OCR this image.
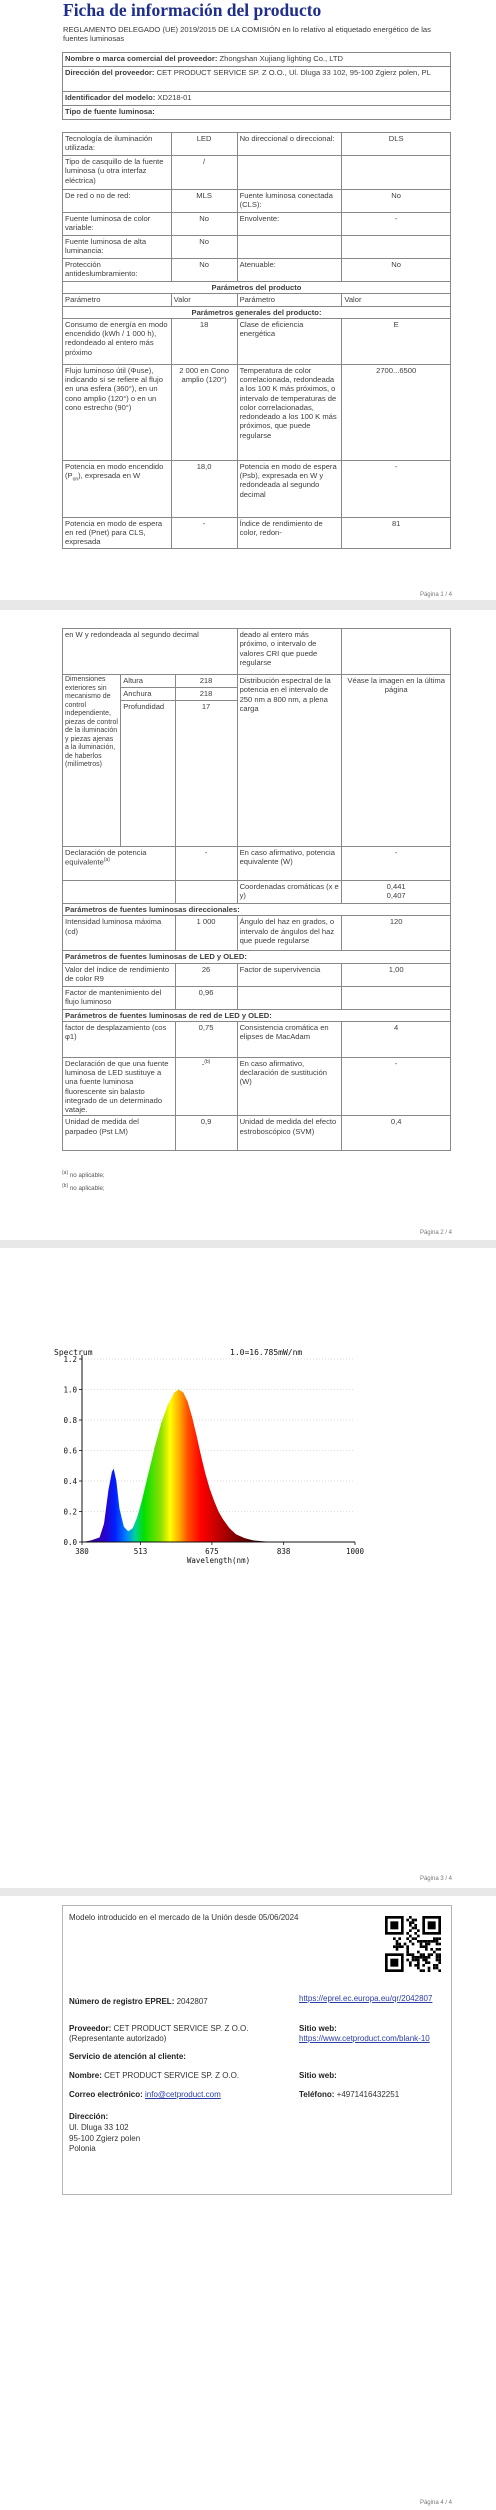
Ficha de información del producto
REGLAMENTO DELEGADO (UE) 2019/2015 DE LA COMISIÓN en lo relativo al etiquetado energético de las fuentes luminosas
Nombre o marca comercial del proveedor: Zhongshan Xujiang lighting Co., LTD
Dirección del proveedor: CET PRODUCT SERVICE SP. Z O.O., Ul. Dluga 33 102, 95-100 Zgierz polen, PL
Identificador del modelo: XD218-01
Tipo de fuente luminosa:
Tecnología de iluminación utilizada:	LED	No direccional o direccional:	DLS
Tipo de casquillo de la fuente luminosa (u otra interfaz eléctrica)	/		
De red o no de red:	MLS	Fuente luminosa conectada (CLS):	No
Fuente luminosa de color variable:	No	Envolvente:	-
Fuente luminosa de alta luminancia:	No		
Protección antideslumbramiento:	No	Atenuable:	No
Parámetros del producto			
Parámetro	Valor	Parámetro	Valor
Parámetros generales del producto:			
Consumo de energía en modo encendido (kWh / 1 000 h), redondeado al entero más próximo	18	Clase de eficiencia energética	E
Flujo luminoso útil (Φuse), indicando si se refiere al flujo en una esfera (360°), en un cono amplio (120°) o en un cono estrecho (90°)	2 000 en Cono amplio (120°)	Temperatura de color correlacionada, redondeada a los 100 K más próximos, o intervalo de temperaturas de color correlacionadas, redondeado a los 100 K más próximos, que puede regularse	2700...6500
Potencia en modo encendido $(P_{on})$, expresada en W	18,0	Potencia en modo de espera (Psb), expresada en W y redondeada al segundo decimal	-
Potencia en modo de espera en red (Pnet) para CLS, expresada	-	Índice de rendimiento de color, redon-	81
Página 1 / 4
en W y redondeada al segundo decimal			deado al entero más próximo, o intervalo de valores CRI que puede regularse	
Dimensiones exteriores sin mecanismo de control independiente, piezas de control de la iluminación y piezas ajenas a la iluminación, de haberlos (milímetros)	Altura	218	Distribución espectral de la potencia en el intervalo de 250 nm a 800 nm, a plena carga	Véase la imagen en la última página
	Anchura	218		
	Profundidad	17		
Declaración de potencia equivalente$^{(a)}$		-	En caso afirmativo, potencia equivalente (W)	-
			Coordenadas cromáticas (x e y)	0,441
0,407
Parámetros de fuentes luminosas direccionales:				
Intensidad luminosa máxima (cd)		1 000	Ángulo del haz en grados, o intervalo de ángulos del haz que puede regularse	120
Parámetros de fuentes luminosas de LED y OLED:				
Valor del índice de rendimiento de color R9		26	Factor de supervivencia	1,00
Factor de mantenimiento del flujo luminoso		0,96		
Parámetros de fuentes luminosas de red de LED y OLED:				
factor de desplazamiento (cos φ1)		0,75	Consistencia cromática en elipses de MacAdam	4
Declaración de que una fuente luminosa de LED sustituye a una fuente luminosa fluorescente sin balasto integrado de un determinado vataje.		-$^{(b)}$	En caso afirmativo, declaración de sustitución (W)	-
Unidad de medida del parpadeo (Pst LM)		0,9	Unidad de medida del efecto estroboscópico (SVM)	0,4
$^{(a)}$ no aplicable;
$^{(b)}$ no aplicable;
Página 2 / 4
Página 3 / 4
Spectrum	1.0=16.785mW/nm
0.0
0.2
0.4
0.6
0.8
1.0
1.2
380	513	675	838	1000
Wavelength(nm)
Página 4 / 4
Modelo introducido en el mercado de la Unión desde 05/06/2024
Número de registro EPREL: 2042807	https://eprel.ec.europa.eu/qr/2042807
Proveedor: CET PRODUCT SERVICE SP. Z O.O. (Representante autorizado)
Sitio web: https://www.cetproduct.com/blank-10
Servicio de atención al cliente:
Nombre: CET PRODUCT SERVICE SP. Z O.O.	Sitio web:
Correo electrónico: info@cetproduct.com	Teléfono: +4971416432251
Dirección:
Ul. Dluga 33 102
95-100 Zgierz polen
Polonia
